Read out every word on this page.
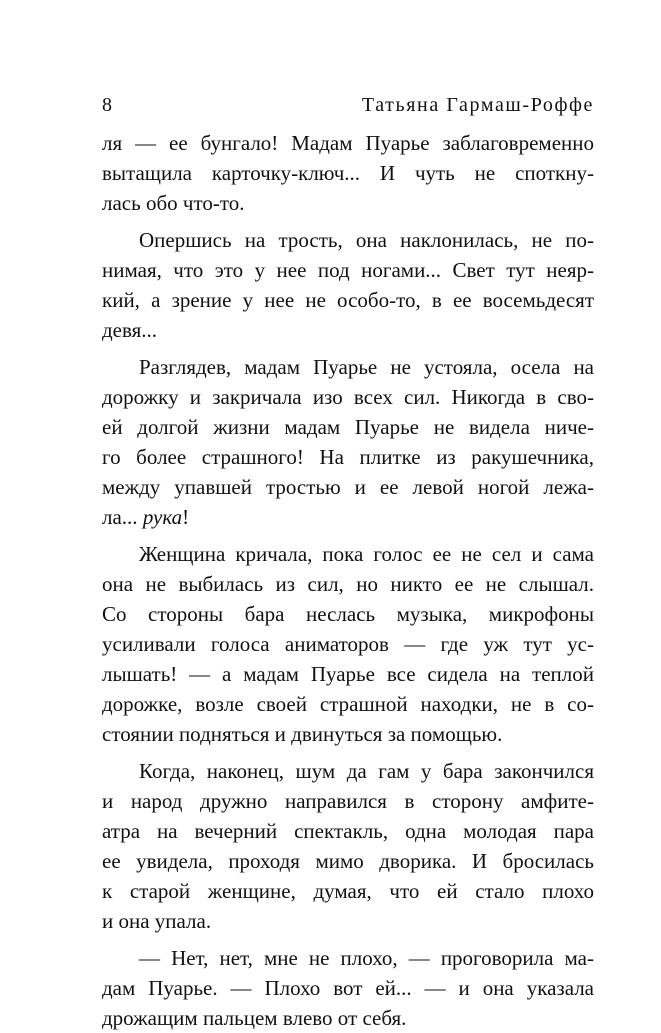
8	Татьяна Гармаш-Роффе
ля — ее бунгало! Мадам Пуарье заблаговременно
вытащила карточку-ключ... И чуть не споткну-
лась обо что-то.
Опершись на трость, она наклонилась, не по-
нимая, что это у нее под ногами... Свет тут неяр-
кий, а зрение у нее не особо-то, в ее восемьдесят
девя...
Разглядев, мадам Пуарье не устояла, осела на
дорожку и закричала изо всех сил. Никогда в сво-
ей долгой жизни мадам Пуарье не видела ниче-
го более страшного! На плитке из ракушечника,
между упавшей тростью и ее левой ногой лежа-
ла... рука!
Женщина кричала, пока голос ее не сел и сама
она не выбилась из сил, но никто ее не слышал.
Со стороны бара неслась музыка, микрофоны
усиливали голоса аниматоров — где уж тут ус-
лышать! — а мадам Пуарье все сидела на теплой
дорожке, возле своей страшной находки, не в со-
стоянии подняться и двинуться за помощью.
Когда, наконец, шум да гам у бара закончился
и народ дружно направился в сторону амфите-
атра на вечерний спектакль, одна молодая пара
ее увидела, проходя мимо дворика. И бросилась
к старой женщине, думая, что ей стало плохо
и она упала.
— Нет, нет, мне не плохо, — проговорила ма-
дам Пуарье. — Плохо вот ей... — и она указала
дрожащим пальцем влево от себя.
